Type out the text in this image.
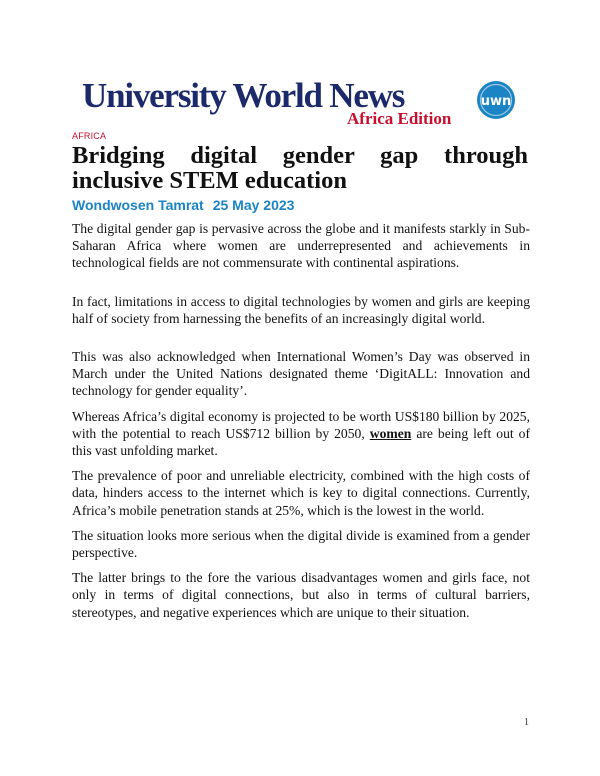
University World News
Africa Edition
uwn
AFRICA
Bridging digital gender gap through inclusive STEM education
Wondwosen Tamrat 25 May 2023

The digital gender gap is pervasive across the globe and it manifests starkly in Sub-Saharan Africa where women are underrepresented and achievements in technological fields are not commensurate with continental aspirations.

In fact, limitations in access to digital technologies by women and girls are keeping half of society from harnessing the benefits of an increasingly digital world.

This was also acknowledged when International Women’s Day was observed in March under the United Nations designated theme ‘DigitALL: Innovation and technology for gender equality’.

Whereas Africa’s digital economy is projected to be worth US$180 billion by 2025, with the potential to reach US$712 billion by 2050, women are being left out of this vast unfolding market.

The prevalence of poor and unreliable electricity, combined with the high costs of data, hinders access to the internet which is key to digital connections. Currently, Africa’s mobile penetration stands at 25%, which is the lowest in the world.

The situation looks more serious when the digital divide is examined from a gender perspective.

The latter brings to the fore the various disadvantages women and girls face, not only in terms of digital connections, but also in terms of cultural barriers, stereotypes, and negative experiences which are unique to their situation.

1
